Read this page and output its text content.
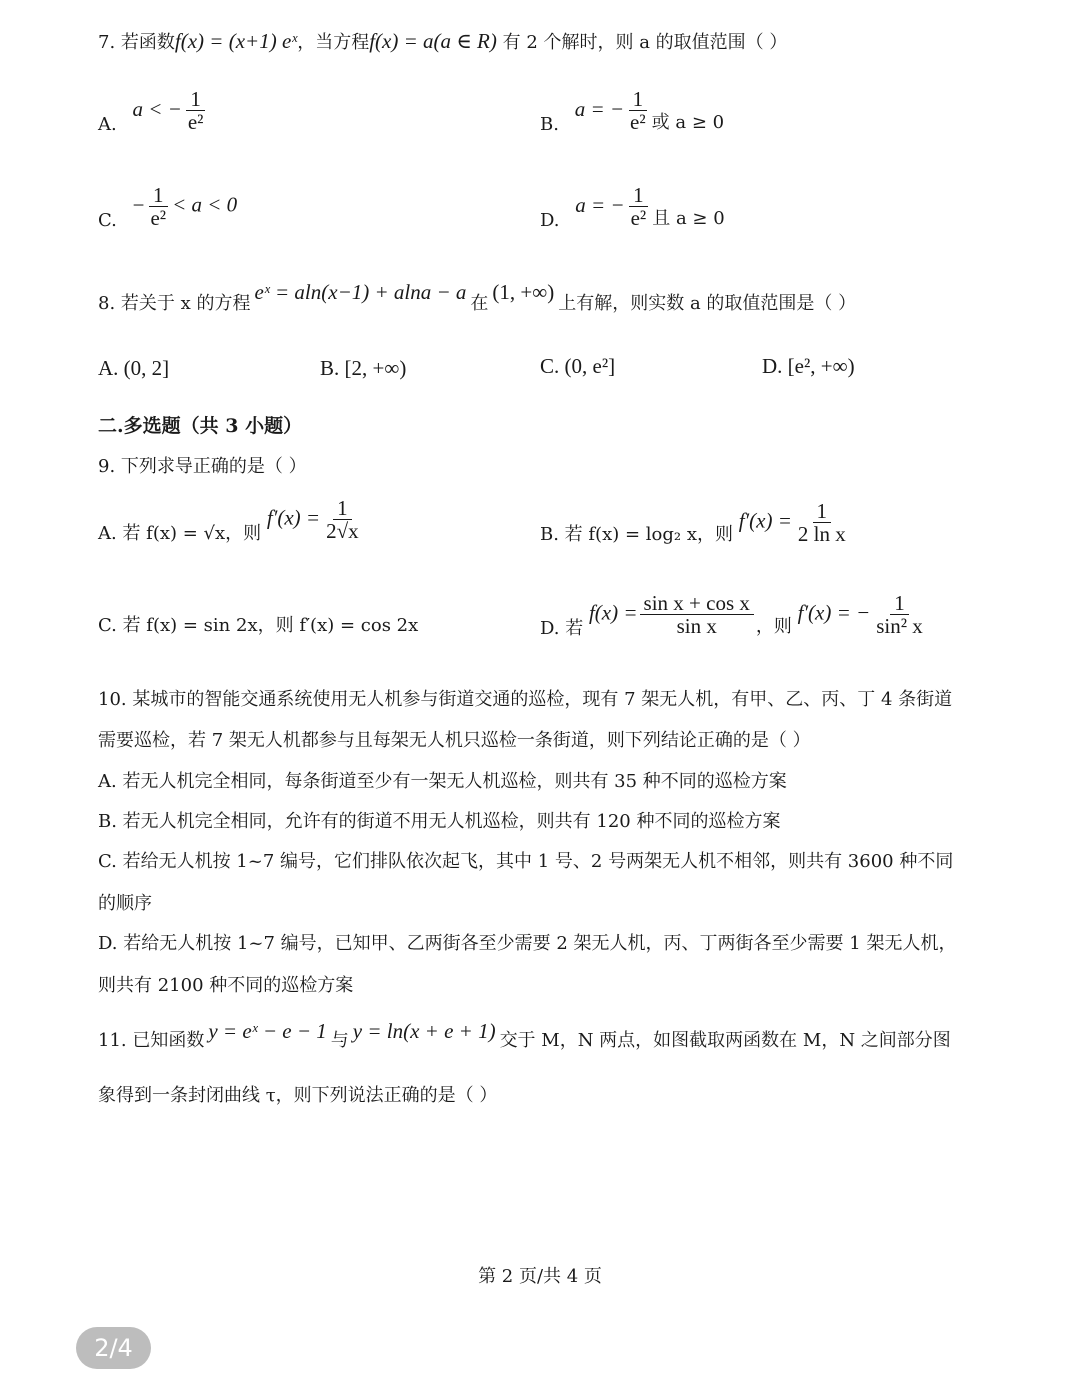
7. 若函数f(x) = (x+1) eˣ，当方程f(x) = a(a ∈ R) 有 2 个解时，则 a 的取值范围（ ）
A. a < − $\frac{1}{\text{e²}}$	B. a = − $\frac{1}{\text{e²}}$ 或 a ≥ 0
C. − $\frac{1}{\text{e²}} < a < 0$
D. a = − $\frac{1}{\text{e²}}$ 且 a ≥ 0
8. 若关于 x 的方程 eˣ = aln(x−1) + alna − a 在 (1, +∞) 上有解，则实数 a 的取值范围是（ ）
A. (0, 2]	B. [2, +∞)	C. (0, e²]	D. [e², +∞)
二.多选题（共 3 小题）
9. 下列求导正确的是（ ）
A. 若 f(x) = √x，则 $f'(x) = \frac{1}{2√x}$	B. 若 f(x) = log₂ x，则 $f'(x) = \frac{1}{\text{2 ln x}}$
C. 若 f(x) = sin 2x，则 f′(x) = cos 2x	D. 若 $f(x) = \frac{\text{sin x + cos x}}{\text{sin x}}$ ，则 f′(x) = − $\frac{1}{\text{sin² x}}$
10. 某城市的智能交通系统使用无人机参与街道交通的巡检，现有 7 架无人机，有甲、乙、丙、丁 4 条街道
需要巡检，若 7 架无人机都参与且每架无人机只巡检一条街道，则下列结论正确的是（ ）
A. 若无人机完全相同，每条街道至少有一架无人机巡检，则共有 35 种不同的巡检方案
B. 若无人机完全相同，允许有的街道不用无人机巡检，则共有 120 种不同的巡检方案
C. 若给无人机按 1~7 编号，它们排队依次起飞，其中 1 号、2 号两架无人机不相邻，则共有 3600 种不同
的顺序
D. 若给无人机按 1~7 编号，已知甲、乙两街各至少需要 2 架无人机，丙、丁两街各至少需要 1 架无人机，
则共有 2100 种不同的巡检方案
11. 已知函数 y = eˣ − e − 1 与 y = ln(x + e + 1) 交于 M，N 两点，如图截取两函数在 M，N 之间部分图
象得到一条封闭曲线 τ，则下列说法正确的是（ ）
第 2 页/共 4 页
2/4
